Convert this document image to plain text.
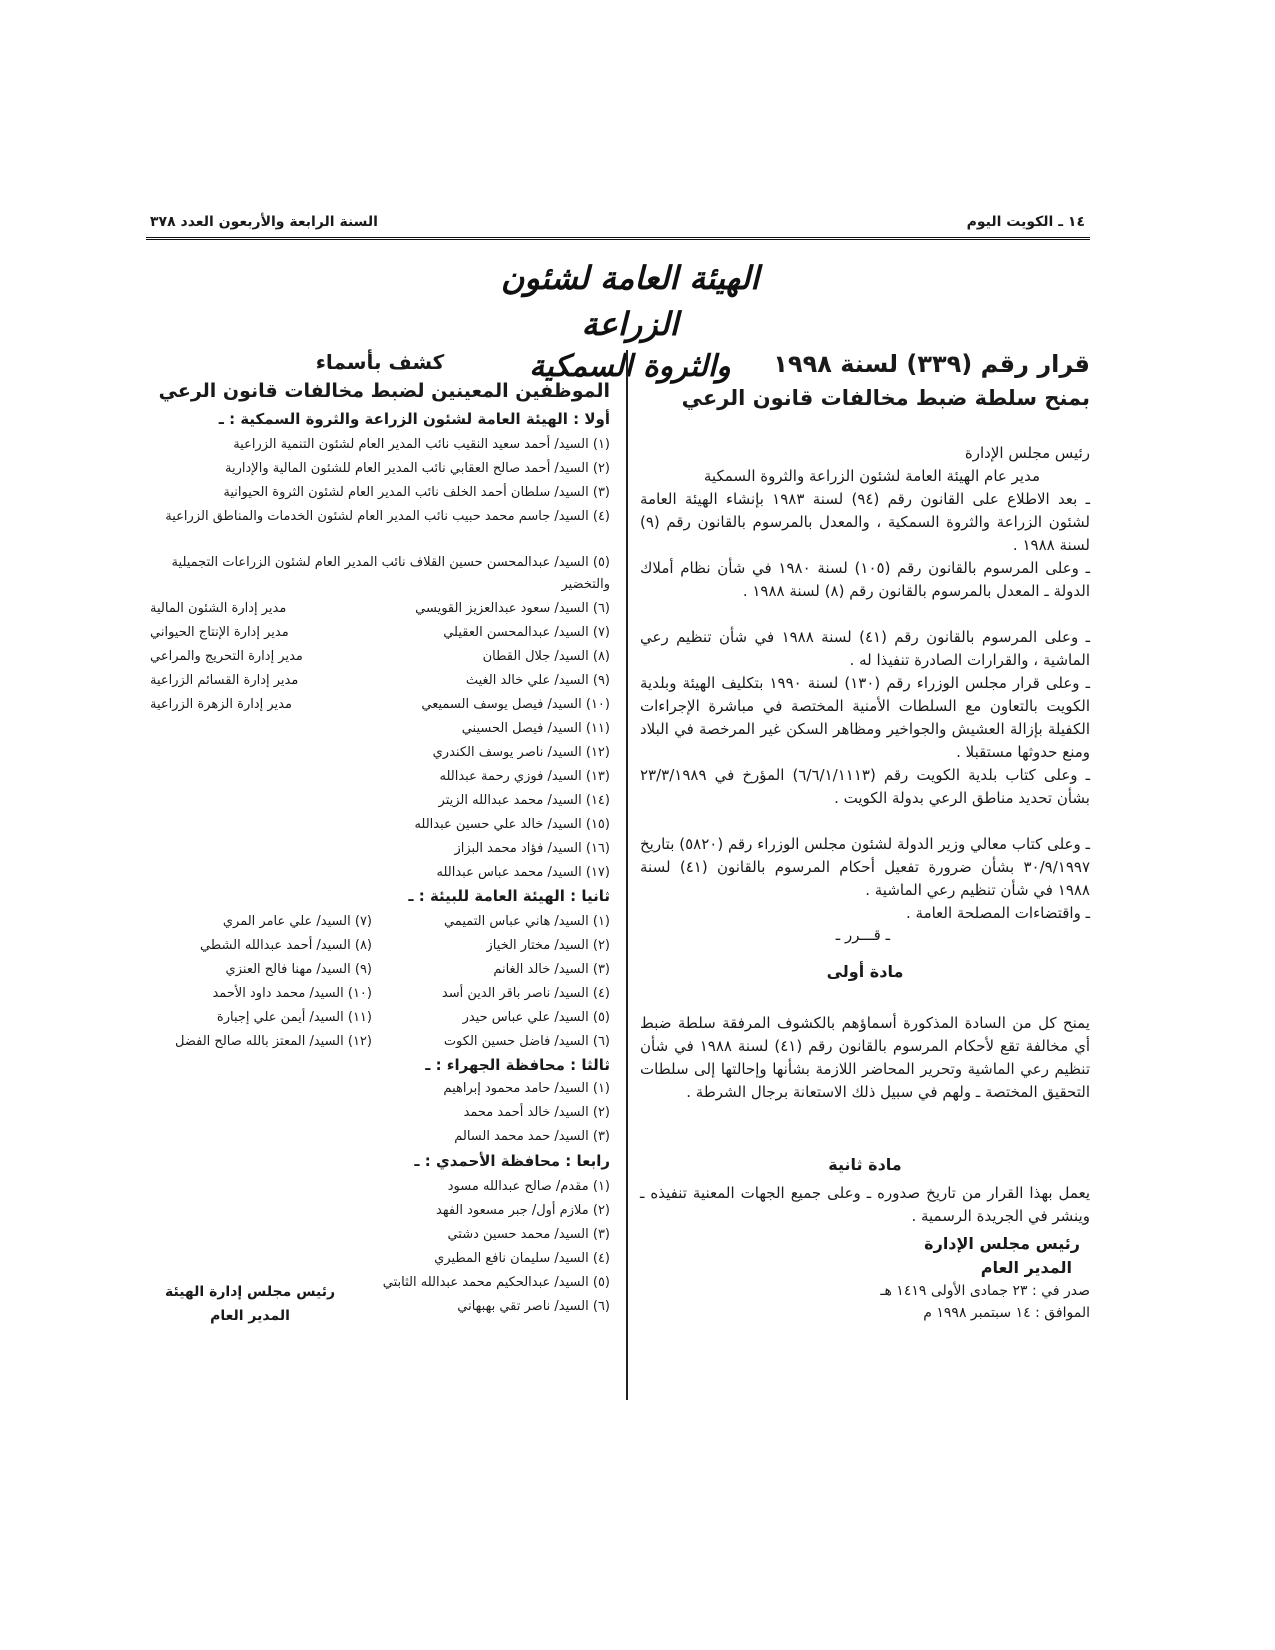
السنة الرابعة والأربعون العدد ٣٧٨	١٤ ـ الكويت اليوم
الهيئة العامة لشئون الزراعة
والثروة السمكية	قرار رقم (٣٣٩) لسنة ١٩٩٨
بمنح سلطة ضبط مخالفات قانون الرعي
رئيس مجلس الإدارة
مدير عام الهيئة العامة لشئون الزراعة والثروة السمكية
ـ بعد الاطلاع على القانون رقم (٩٤) لسنة ١٩٨٣ بإنشاء الهيئة العامة لشئون الزراعة والثروة السمكية ، والمعدل بالمرسوم بالقانون رقم (٩) لسنة ١٩٨٨ .
ـ وعلى المرسوم بالقانون رقم (١٠٥) لسنة ١٩٨٠ في شأن نظام أملاك الدولة ـ المعدل بالمرسوم بالقانون رقم (٨) لسنة ١٩٨٨ .
ـ وعلى المرسوم بالقانون رقم (٤١) لسنة ١٩٨٨ في شأن تنظيم رعي الماشية ، والقرارات الصادرة تنفيذا له .
ـ وعلى قرار مجلس الوزراء رقم (١٣٠) لسنة ١٩٩٠ بتكليف الهيئة وبلدية الكويت بالتعاون مع السلطات الأمنية المختصة في مباشرة الإجراءات الكفيلة بإزالة العشيش والجواخير ومظاهر السكن غير المرخصة في البلاد ومنع حدوثها مستقبلا .
ـ وعلى كتاب بلدية الكويت رقم (٦/٦/١/١١١٣) المؤرخ في ٢٣/٣/١٩٨٩ بشأن تحديد مناطق الرعي بدولة الكويت .
ـ وعلى كتاب معالي وزير الدولة لشئون مجلس الوزراء رقم (٥٨٢٠) بتاريخ ٣٠/٩/١٩٩٧ بشأن ضرورة تفعيل أحكام المرسوم بالقانون (٤١) لسنة ١٩٨٨ في شأن تنظيم رعي الماشية .
ـ واقتضاءات المصلحة العامة .
ـ قـــرر ـ
مادة أولى
يمنح كل من السادة المذكورة أسماؤهم بالكشوف المرفقة سلطة ضبط أي مخالفة تقع لأحكام المرسوم بالقانون رقم (٤١) لسنة ١٩٨٨ في شأن تنظيم رعي الماشية وتحرير المحاضر اللازمة بشأنها وإحالتها إلى سلطات التحقيق المختصة ـ ولهم في سبيل ذلك الاستعانة برجال الشرطة .
مادة ثانية
يعمل بهذا القرار من تاريخ صدوره ـ وعلى جميع الجهات المعنية تنفيذه ـ وينشر في الجريدة الرسمية .
رئيس مجلس الإدارة
المدير العام
صدر في : ٢٣ جمادى الأولى ١٤١٩ هـ
الموافق : ١٤ سبتمبر ١٩٩٨ م
كشف بأسماء
الموظفين المعينين لضبط مخالفات قانون الرعي
أولا : الهيئة العامة لشئون الزراعة والثروة السمكية : ـ
(١) السيد/ أحمد سعيد النقيب نائب المدير العام لشئون التنمية الزراعية
(٢) السيد/ أحمد صالح العقابي نائب المدير العام للشئون المالية والإدارية
(٣) السيد/ سلطان أحمد الخلف نائب المدير العام لشئون الثروة الحيوانية
(٤) السيد/ جاسم محمد حبيب نائب المدير العام لشئون الخدمات والمناطق الزراعية
(٥) السيد/ عبدالمحسن حسين القلاف نائب المدير العام لشئون الزراعات التجميلية والتخضير
(٦) السيد/ سعود عبدالعزيز القويسي
مدير إدارة الشئون المالية
(٧) السيد/ عبدالمحسن العقيلي
مدير إدارة الإنتاج الحيواني
(٨) السيد/ جلال القطان
مدير إدارة التحريج والمراعي
(٩) السيد/ علي خالد الغيث
مدير إدارة القسائم الزراعية
(١٠) السيد/ فيصل يوسف السميعي
مدير إدارة الزهرة الزراعية
(١١) السيد/ فيصل الحسيني
(١٢) السيد/ ناصر يوسف الكندري
(١٣) السيد/ فوزي رحمة عبدالله
(١٤) السيد/ محمد عبدالله الزيتر
(١٥) السيد/ خالد علي حسين عبدالله
(١٦) السيد/ فؤاد محمد البزاز
(١٧) السيد/ محمد عباس عبدالله
ثانيا : الهيئة العامة للبيئة : ـ
(١) السيد/ هاني عباس التميمي
(٧) السيد/ علي عامر المري
(٢) السيد/ مختار الخياز
(٨) السيد/ أحمد عبدالله الشطي
(٣) السيد/ خالد الغانم
(٩) السيد/ مهنا فالح العنزي
(٤) السيد/ ناصر باقر الدين أسد
(١٠) السيد/ محمد داود الأحمد
(٥) السيد/ علي عباس حيدر
(١١) السيد/ أيمن علي إجبارة
(٦) السيد/ فاضل حسين الكوت
(١٢) السيد/ المعتز بالله صالح الفضل
ثالثا : محافظة الجهراء : ـ
(١) السيد/ حامد محمود إبراهيم
(٢) السيد/ خالد أحمد محمد
(٣) السيد/ حمد محمد السالم
رابعا : محافظة الأحمدي : ـ
(١) مقدم/ صالح عبدالله مسود
(٢) ملازم أول/ جبر مسعود الفهد
(٣) السيد/ محمد حسين دشتي
(٤) السيد/ سليمان نافع المطيري
(٥) السيد/ عبدالحكيم محمد عبدالله الثابتي
(٦) السيد/ ناصر تقي بهبهاني
رئيس مجلس إدارة الهيئة
المدير العام
